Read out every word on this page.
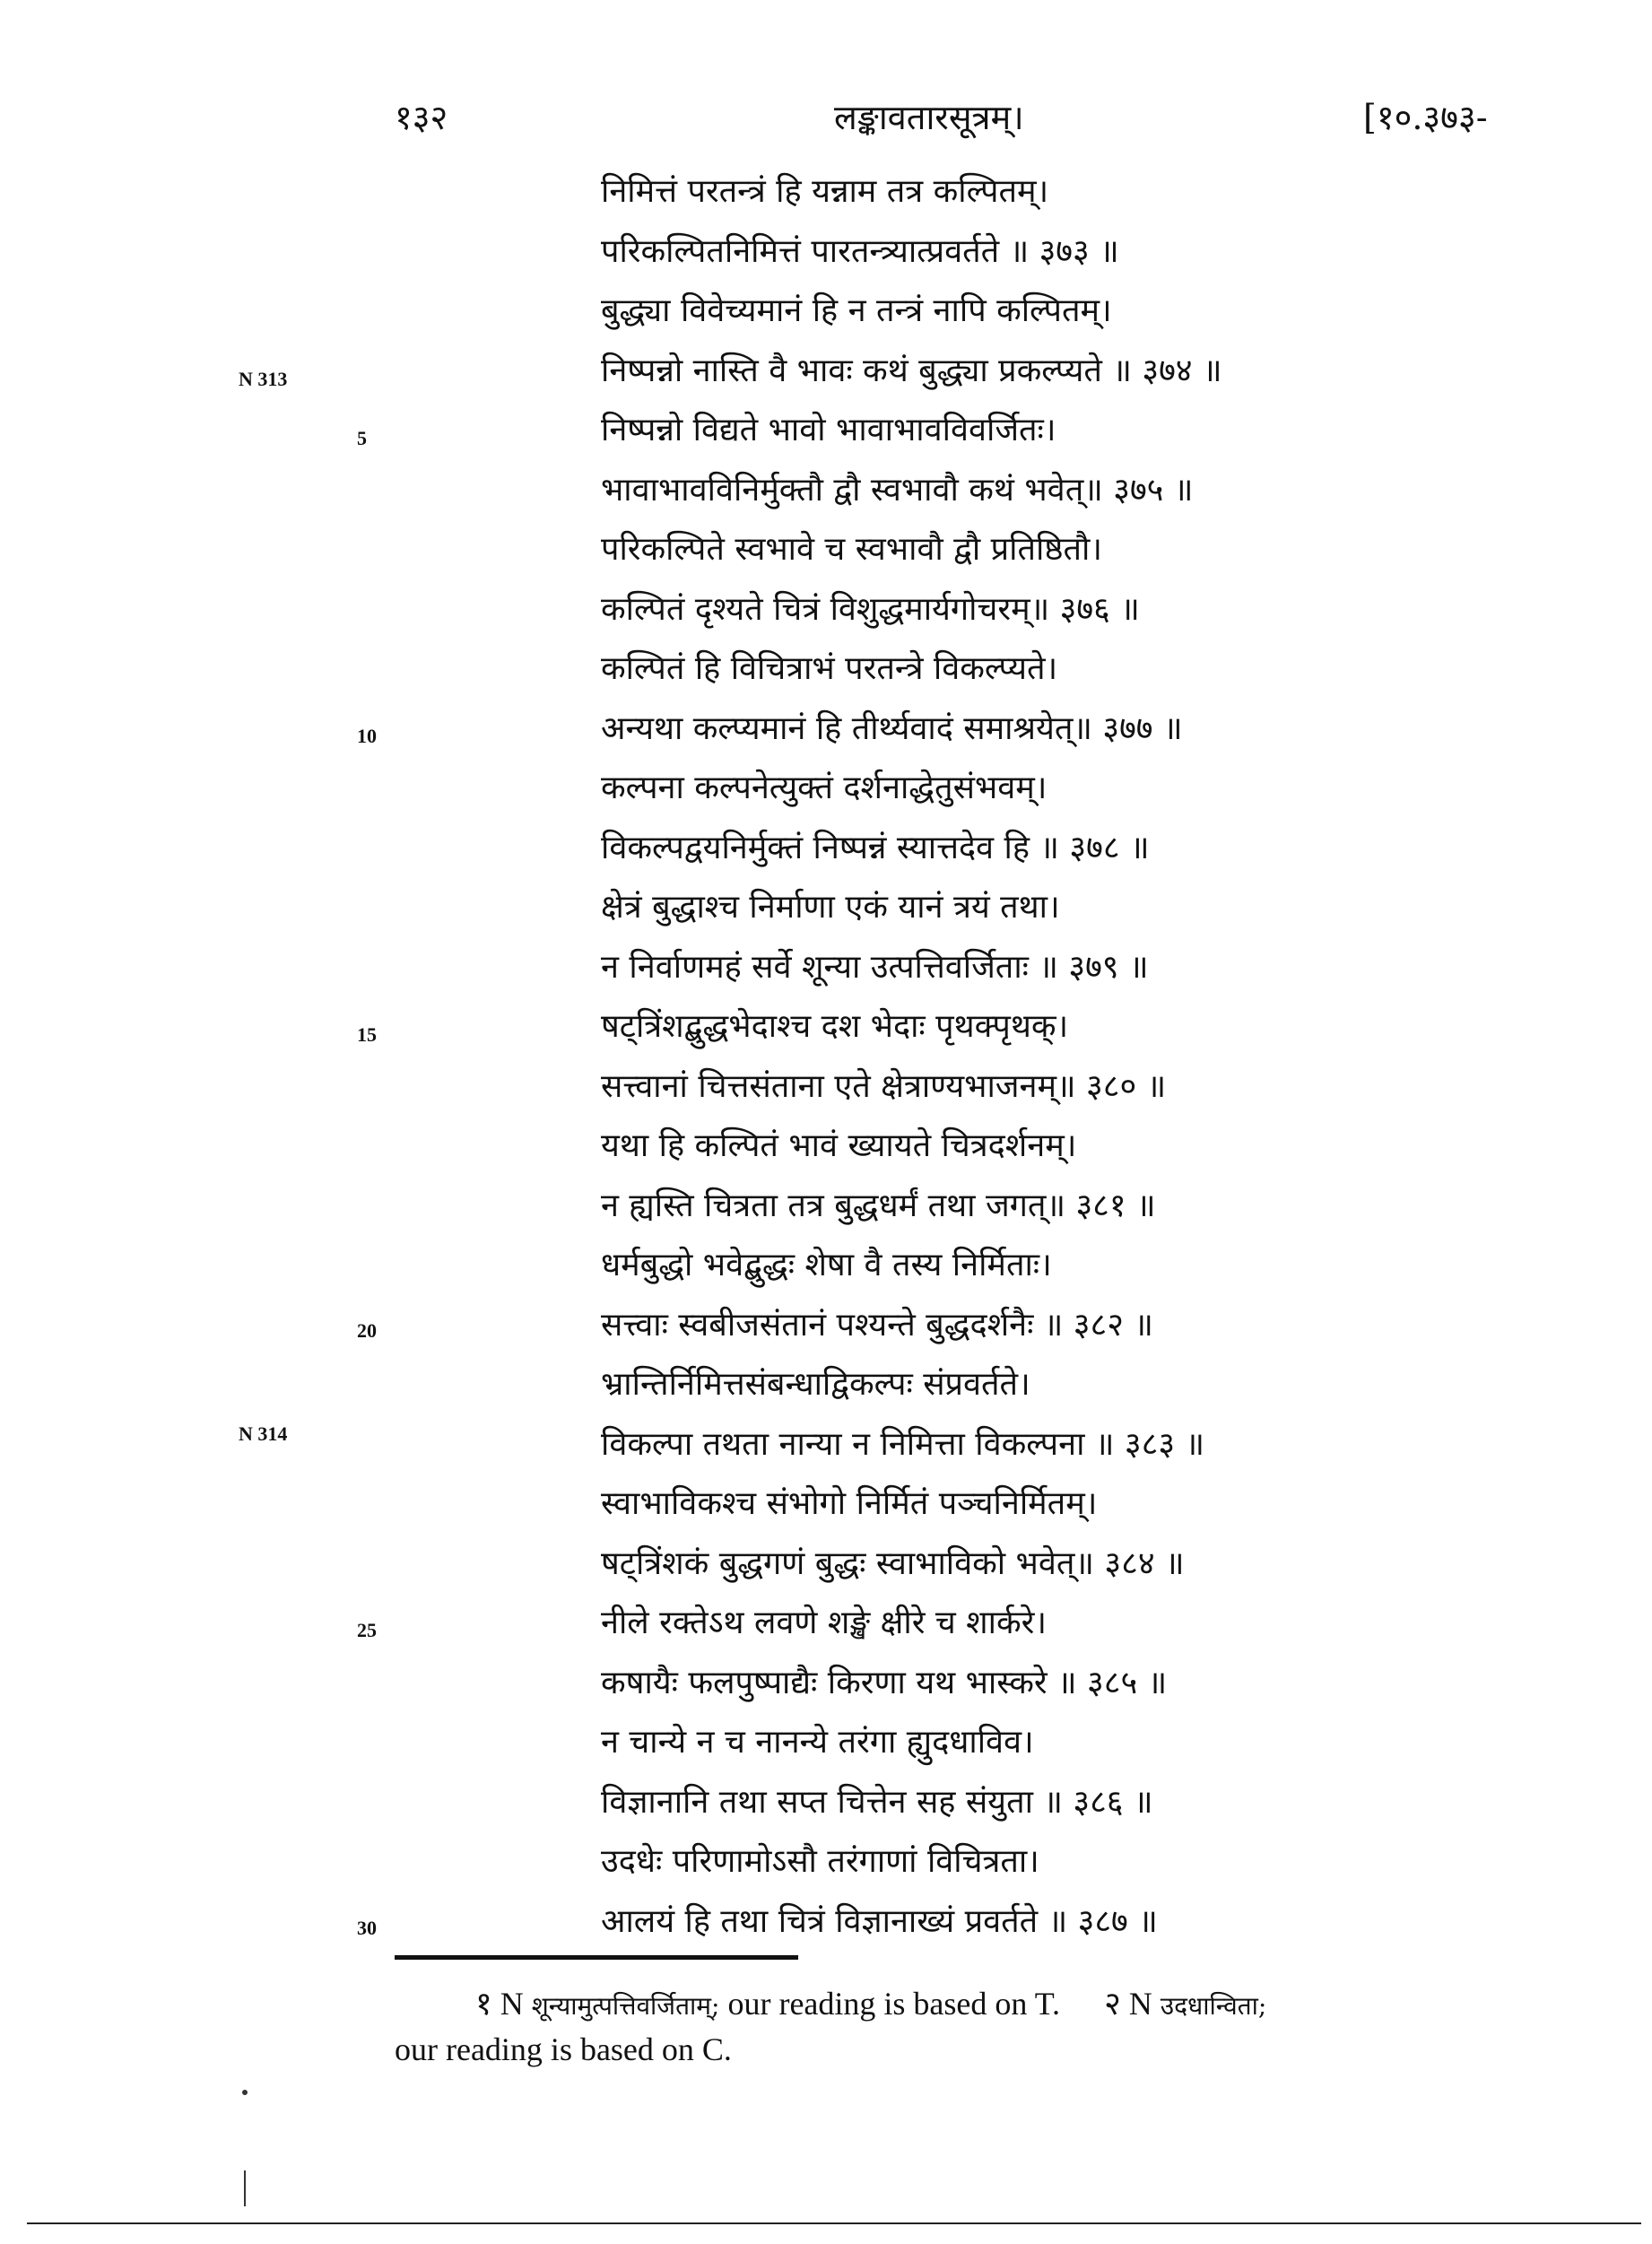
१३२	लङ्कावतारसूत्रम्।	[१०.३७३-
N 313
N 314
5
10
15
20
25
30
निमित्तं परतन्त्रं हि यन्नाम तत्र कल्पितम्।
परिकल्पितनिमित्तं पारतन्त्र्यात्प्रवर्तते ॥ ३७३ ॥
बुद्ध्या विवेच्यमानं हि न तन्त्रं नापि कल्पितम्।
निष्पन्नो नास्ति वै भावः कथं बुद्ध्या प्रकल्प्यते ॥ ३७४ ॥
निष्पन्नो विद्यते भावो भावाभावविवर्जितः।
भावाभावविनिर्मुक्तौ द्वौ स्वभावौ कथं भवेत्॥ ३७५ ॥
परिकल्पिते स्वभावे च स्वभावौ द्वौ प्रतिष्ठितौ।
कल्पितं दृश्यते चित्रं विशुद्धमार्यगोचरम्॥ ३७६ ॥
कल्पितं हि विचित्राभं परतन्त्रे विकल्प्यते।
अन्यथा कल्प्यमानं हि तीर्थ्यवादं समाश्रयेत्॥ ३७७ ॥
कल्पना कल्पनेत्युक्तं दर्शनाद्धेतुसंभवम्।
विकल्पद्वयनिर्मुक्तं निष्पन्नं स्यात्तदेव हि ॥ ३७८ ॥
क्षेत्रं बुद्धाश्च निर्माणा एकं यानं त्रयं तथा।
न निर्वाणमहं सर्वे शून्या उत्पत्तिवर्जिताः ॥ ३७९ ॥
षट्त्रिंशद्बुद्धभेदाश्च दश भेदाः पृथक्पृथक्।
सत्त्वानां चित्तसंताना एते क्षेत्राण्यभाजनम्॥ ३८० ॥
यथा हि कल्पितं भावं ख्यायते चित्रदर्शनम्।
न ह्यस्ति चित्रता तत्र बुद्धधर्मं तथा जगत्॥ ३८१ ॥
धर्मबुद्धो भवेद्बुद्धः शेषा वै तस्य निर्मिताः।
सत्त्वाः स्वबीजसंतानं पश्यन्ते बुद्धदर्शनैः ॥ ३८२ ॥
भ्रान्तिर्निमित्तसंबन्धाद्विकल्पः संप्रवर्तते।
विकल्पा तथता नान्या न निमित्ता विकल्पना ॥ ३८३ ॥
स्वाभाविकश्च संभोगो निर्मितं पञ्चनिर्मितम्।
षट्त्रिंशकं बुद्धगणं बुद्धः स्वाभाविको भवेत्॥ ३८४ ॥
नीले रक्तेऽथ लवणे शङ्खे क्षीरे च शार्करे।
कषायैः फलपुष्पाद्यैः किरणा यथ भास्करे ॥ ३८५ ॥
न चान्ये न च नानन्ये तरंगा ह्युदधाविव।
विज्ञानानि तथा सप्त चित्तेन सह संयुता ॥ ३८६ ॥
उदधेः परिणामोऽसौ तरंगाणां विचित्रता।
आलयं हि तथा चित्रं विज्ञानाख्यं प्रवर्तते ॥ ३८७ ॥
१ N शून्यामुत्पत्तिवर्जिताम्; our reading is based on T. २ N उदधान्विता;
our reading is based on C.
